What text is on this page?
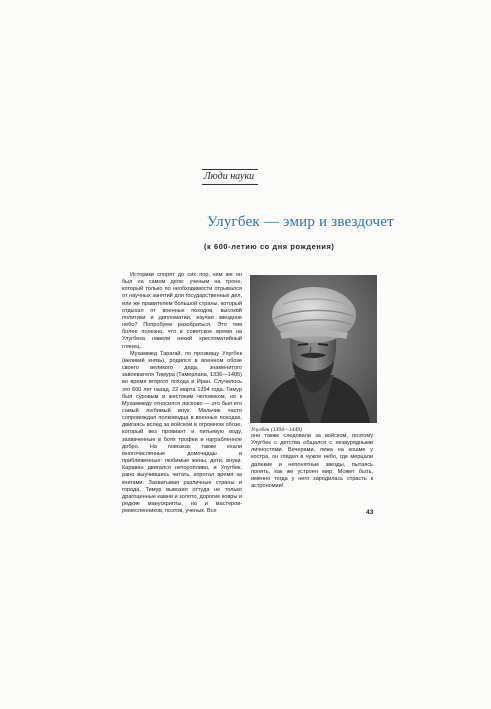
Люди науки
Улугбек — эмир и звездочет
(к 600-летию со дня рождения)

Историки спорят до сих пор, кем же он был на самом деле: ученым на троне, который только по необходимости отрывался от научных занятий для государственных дел, или же правителем большой страны, который отдыхал от военных походов, высокой политики и дипломатии, изучая звездное небо? Попробуем разобраться. Это тем более полезно, что в советское время на Улугбека навели некий хрестоматийный глянец.

Мухаммед Тарагай, по прозвищу Улугбек (великий князь), родился в военном обозе своего великого деда, знаменитого завоевателя Тимура (Тамерлана, 1336—1405) во время второго похода в Иран. Случилось это 600 лет назад, 22 марта 1394 года. Тимур был суровым и жестоким человеком, но к Мухаммеду относился ласково — это был его самый любимый внук. Мальчик часто сопровождал полководца в военных походах, двигаясь вслед за войском в огромном обозе, который вез провиант и питьевую воду, захваченные в боях трофеи и награбленное добро. На повозках также ехали многочисленные домочадцы и приближенные: любимые жены, дети, внуки. Караван двигался неторопливо, и Улугбек, рано выучившись читать, коротал время за книгами. Захватывая различные страны и города, Тимур вывозил оттуда не только драгоценные камни и золото, дорогие ковры и редкие манускрипты, но и мастеров-ремесленников, поэтов, ученых. Все

Улугбек (1394—1449)

они также следовали за войском, поэтому Улугбек с детства общался с незаурядными личностями. Вечерами, лежа на кошме у костра, он глядел в чужое небо, где мерцали далекие и непонятные звезды, пытаясь понять, как же устроен мир. Может быть, именно тогда у него зародилась страсть к астрономии!

43
